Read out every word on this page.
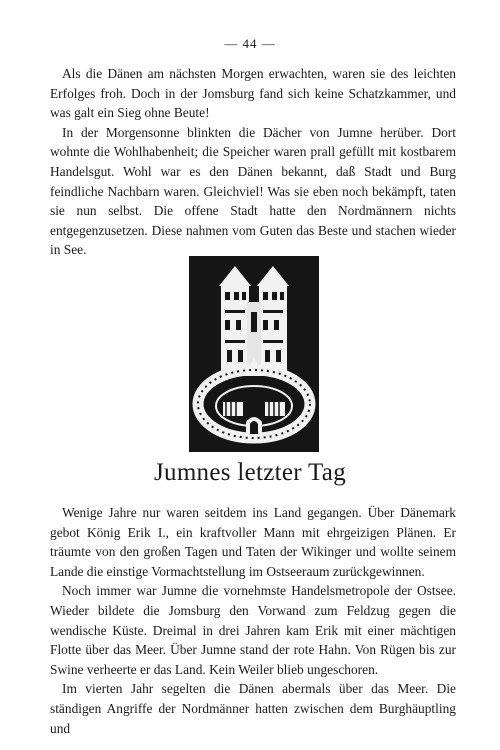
— 44 —

Als die Dänen am nächsten Morgen erwachten, waren sie des leichten Erfolges froh. Doch in der Jomsburg fand sich keine Schatzkammer, und was galt ein Sieg ohne Beute!

In der Morgensonne blinkten die Dächer von Jumne herüber. Dort wohnte die Wohlhabenheit; die Speicher waren prall gefüllt mit kostbarem Handelsgut. Wohl war es den Dänen bekannt, daß Stadt und Burg feindliche Nachbarn waren. Gleichviel! Was sie eben noch bekämpft, taten sie nun selbst. Die offene Stadt hatte den Nordmännern nichts entgegenzusetzen. Diese nahmen vom Guten das Beste und stachen wieder in See.

Jumnes letzter Tag

Wenige Jahre nur waren seitdem ins Land gegangen. Über Dänemark gebot König Erik I., ein kraftvoller Mann mit ehrgeizigen Plänen. Er träumte von den großen Tagen und Taten der Wikinger und wollte seinem Lande die einstige Vormachtstellung im Ostseeraum zurückgewinnen.

Noch immer war Jumne die vornehmste Handelsmetropole der Ostsee. Wieder bildete die Jomsburg den Vorwand zum Feldzug gegen die wendische Küste. Dreimal in drei Jahren kam Erik mit einer mächtigen Flotte über das Meer. Über Jumne stand der rote Hahn. Von Rügen bis zur Swine verheerte er das Land. Kein Weiler blieb ungeschoren.

Im vierten Jahr segelten die Dänen abermals über das Meer. Die ständigen Angriffe der Nordmänner hatten zwischen dem Burghäuptling und
